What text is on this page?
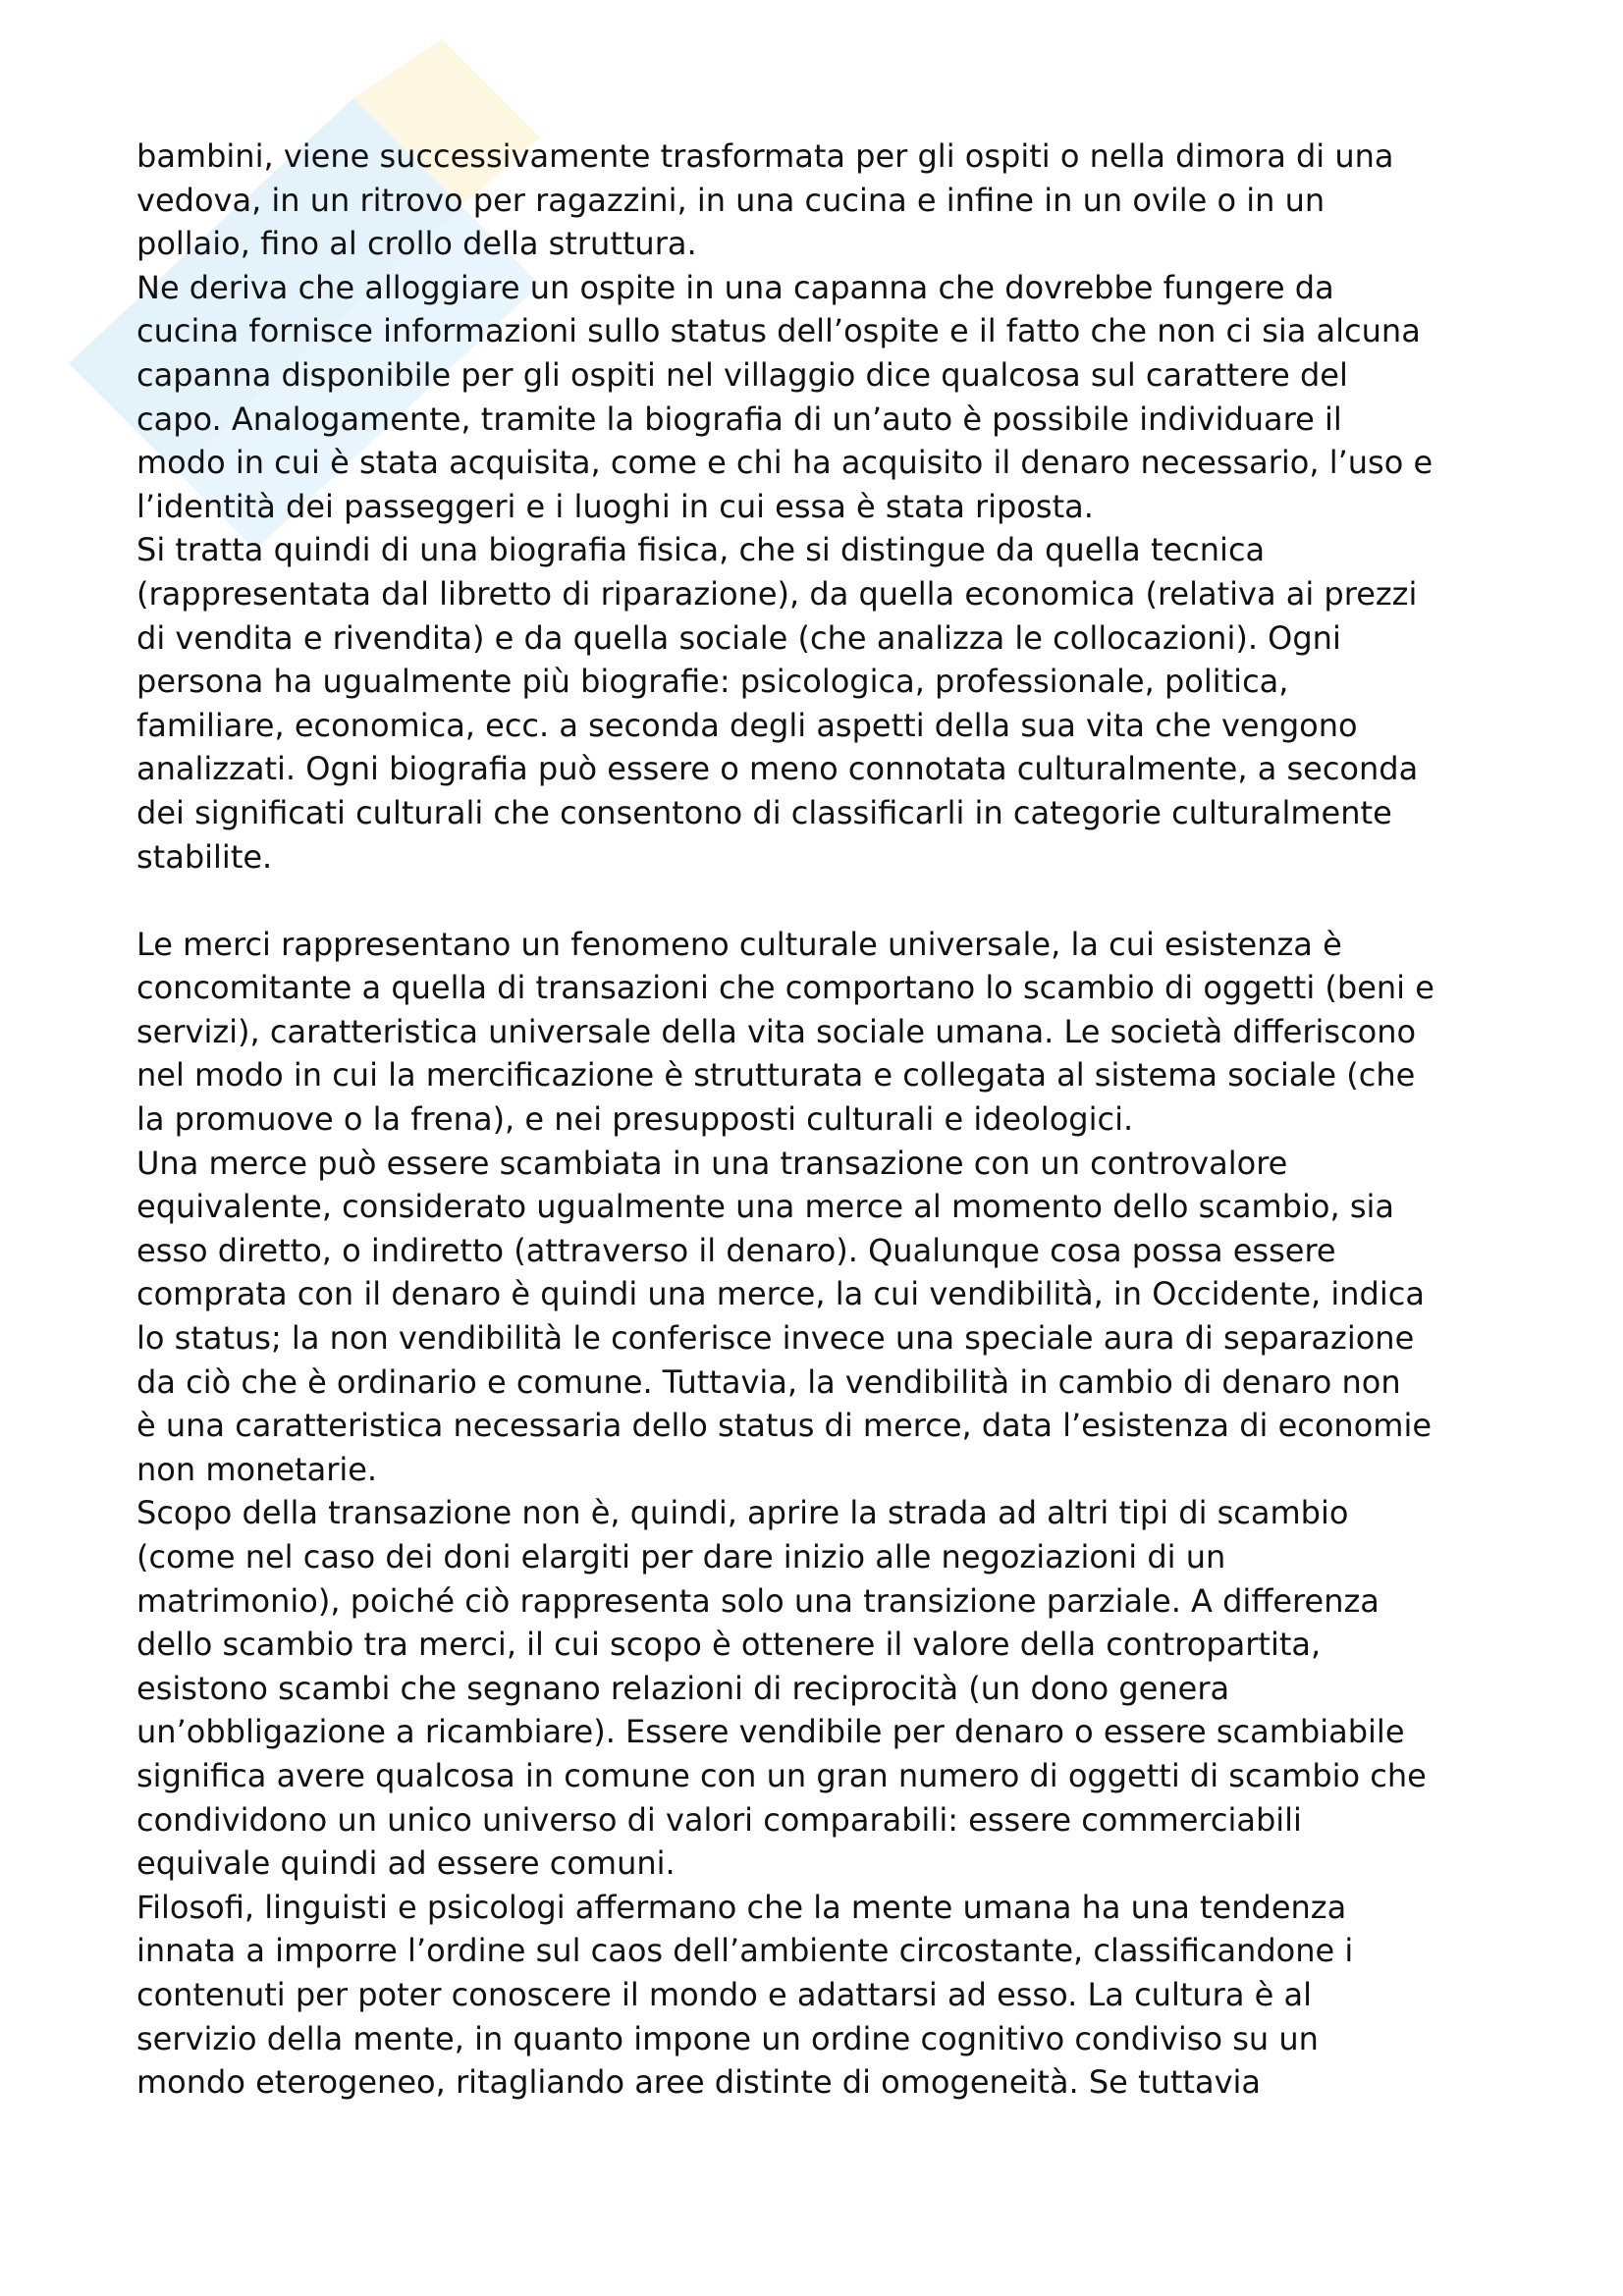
bambini, viene successivamente trasformata per gli ospiti o nella dimora di una
vedova, in un ritrovo per ragazzini, in una cucina e infine in un ovile o in un
pollaio, fino al crollo della struttura.

Ne deriva che alloggiare un ospite in una capanna che dovrebbe fungere da
cucina fornisce informazioni sullo status dell’ospite e il fatto che non ci sia alcuna
capanna disponibile per gli ospiti nel villaggio dice qualcosa sul carattere del
capo. Analogamente, tramite la biografia di un’auto è possibile individuare il
modo in cui è stata acquisita, come e chi ha acquisito il denaro necessario, l’uso e
l’identità dei passeggeri e i luoghi in cui essa è stata riposta.

Si tratta quindi di una biografia fisica, che si distingue da quella tecnica
(rappresentata dal libretto di riparazione), da quella economica (relativa ai prezzi
di vendita e rivendita) e da quella sociale (che analizza le collocazioni). Ogni
persona ha ugualmente più biografie: psicologica, professionale, politica,
familiare, economica, ecc. a seconda degli aspetti della sua vita che vengono
analizzati. Ogni biografia può essere o meno connotata culturalmente, a seconda
dei significati culturali che consentono di classificarli in categorie culturalmente
stabilite.

Le merci rappresentano un fenomeno culturale universale, la cui esistenza è
concomitante a quella di transazioni che comportano lo scambio di oggetti (beni e
servizi), caratteristica universale della vita sociale umana. Le società differiscono
nel modo in cui la mercificazione è strutturata e collegata al sistema sociale (che
la promuove o la frena), e nei presupposti culturali e ideologici.

Una merce può essere scambiata in una transazione con un controvalore
equivalente, considerato ugualmente una merce al momento dello scambio, sia
esso diretto, o indiretto (attraverso il denaro). Qualunque cosa possa essere
comprata con il denaro è quindi una merce, la cui vendibilità, in Occidente, indica
lo status; la non vendibilità le conferisce invece una speciale aura di separazione
da ciò che è ordinario e comune. Tuttavia, la vendibilità in cambio di denaro non
è una caratteristica necessaria dello status di merce, data l’esistenza di economie
non monetarie.

Scopo della transazione non è, quindi, aprire la strada ad altri tipi di scambio
(come nel caso dei doni elargiti per dare inizio alle negoziazioni di un
matrimonio), poiché ciò rappresenta solo una transizione parziale. A differenza
dello scambio tra merci, il cui scopo è ottenere il valore della contropartita,
esistono scambi che segnano relazioni di reciprocità (un dono genera
un’obbligazione a ricambiare). Essere vendibile per denaro o essere scambiabile
significa avere qualcosa in comune con un gran numero di oggetti di scambio che
condividono un unico universo di valori comparabili: essere commerciabili
equivale quindi ad essere comuni.

Filosofi, linguisti e psicologi affermano che la mente umana ha una tendenza
innata a imporre l’ordine sul caos dell’ambiente circostante, classificandone i
contenuti per poter conoscere il mondo e adattarsi ad esso. La cultura è al
servizio della mente, in quanto impone un ordine cognitivo condiviso su un
mondo eterogeneo, ritagliando aree distinte di omogeneità. Se tuttavia
